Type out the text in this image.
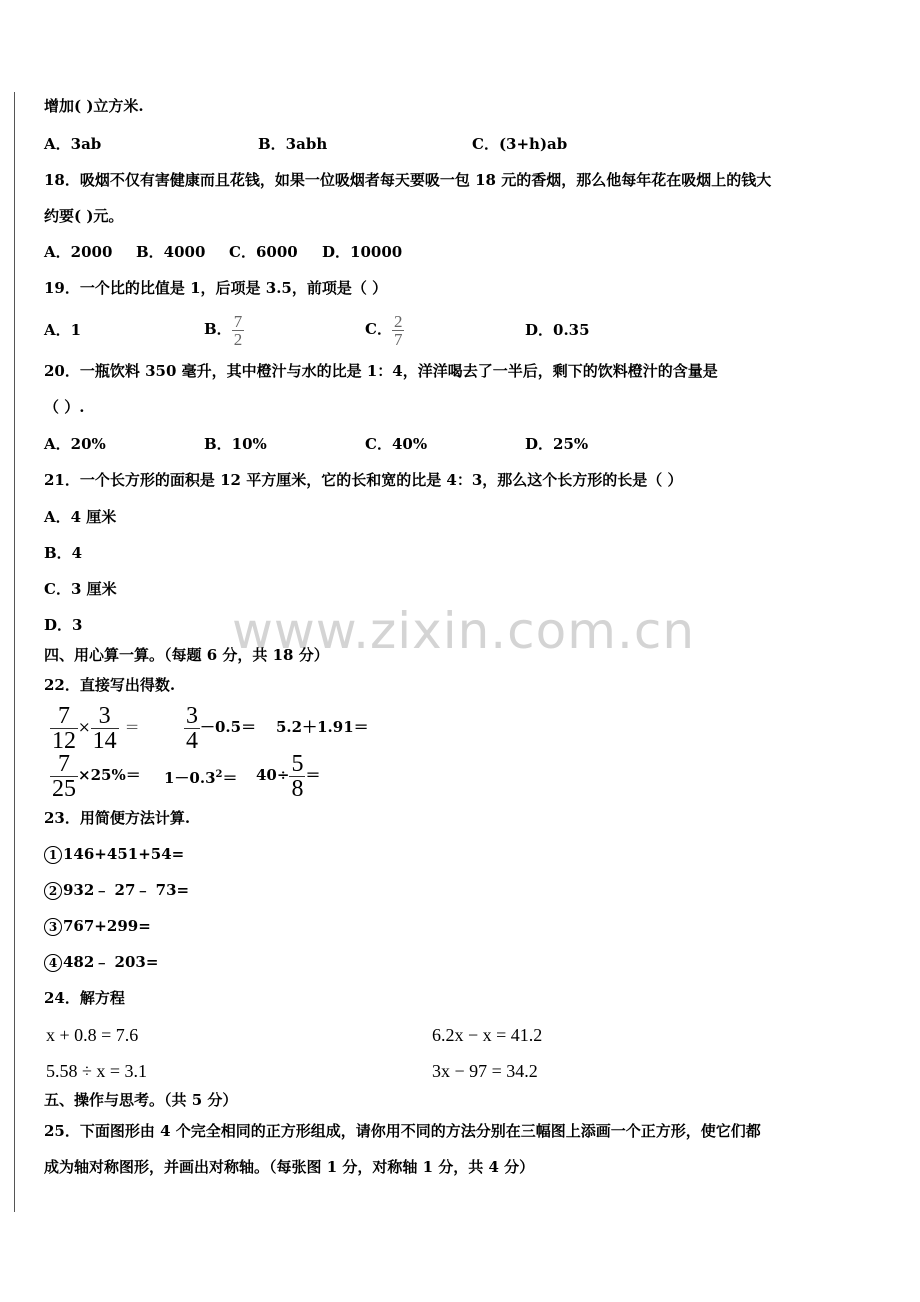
增加( )立方米.
A．3ab	B．3abh	C．(3+h)ab
18．吸烟不仅有害健康而且花钱，如果一位吸烟者每天要吸一包 18 元的香烟，那么他每年花在吸烟上的钱大
约要( )元。
A．2000 B．4000 C．6000 D．10000
19．一个比的比值是 1，后项是 3.5，前项是（ ）
A．1	B． $\frac{7}{2}$	C． $\frac{2}{7}$	D．0.35
20．一瓶饮料 350 毫升，其中橙汁与水的比是 1：4，洋洋喝去了一半后，剩下的饮料橙汁的含量是
（ ）.
A．20%	B．10%	C．40%	D．25%
21．一个长方形的面积是 12 平方厘米，它的长和宽的比是 4：3，那么这个长方形的长是（ ）
A．4 厘米
B．4
C．3 厘米
D．3	www.zixin.com.cn
四、用心算一算。（每题 6 分，共 18 分）
22．直接写出得数.
$\frac{7}{12} \times \frac{3}{14} = \frac{3}{4} -0.5= 5.2+1.91=$
$\frac{7}{25} \times 25\%= 1-0.3^2= 40\div \frac{5}{8}$ ＝
23．用简便方法计算.
1 146+451+54=
2 932﹣ 27﹣ 73=
3 767+299=
4 482﹣ 203=
24．解方程
x + 0.8 = 7.6	6.2x − x = 41.2
5.58 ÷ x = 3.1	3x − 97 = 34.2
五、操作与思考。（共 5 分）
25．下面图形由 4 个完全相同的正方形组成，请你用不同的方法分别在三幅图上添画一个正方形，使它们都
成为轴对称图形，并画出对称轴。（每张图 1 分，对称轴 1 分，共 4 分）
